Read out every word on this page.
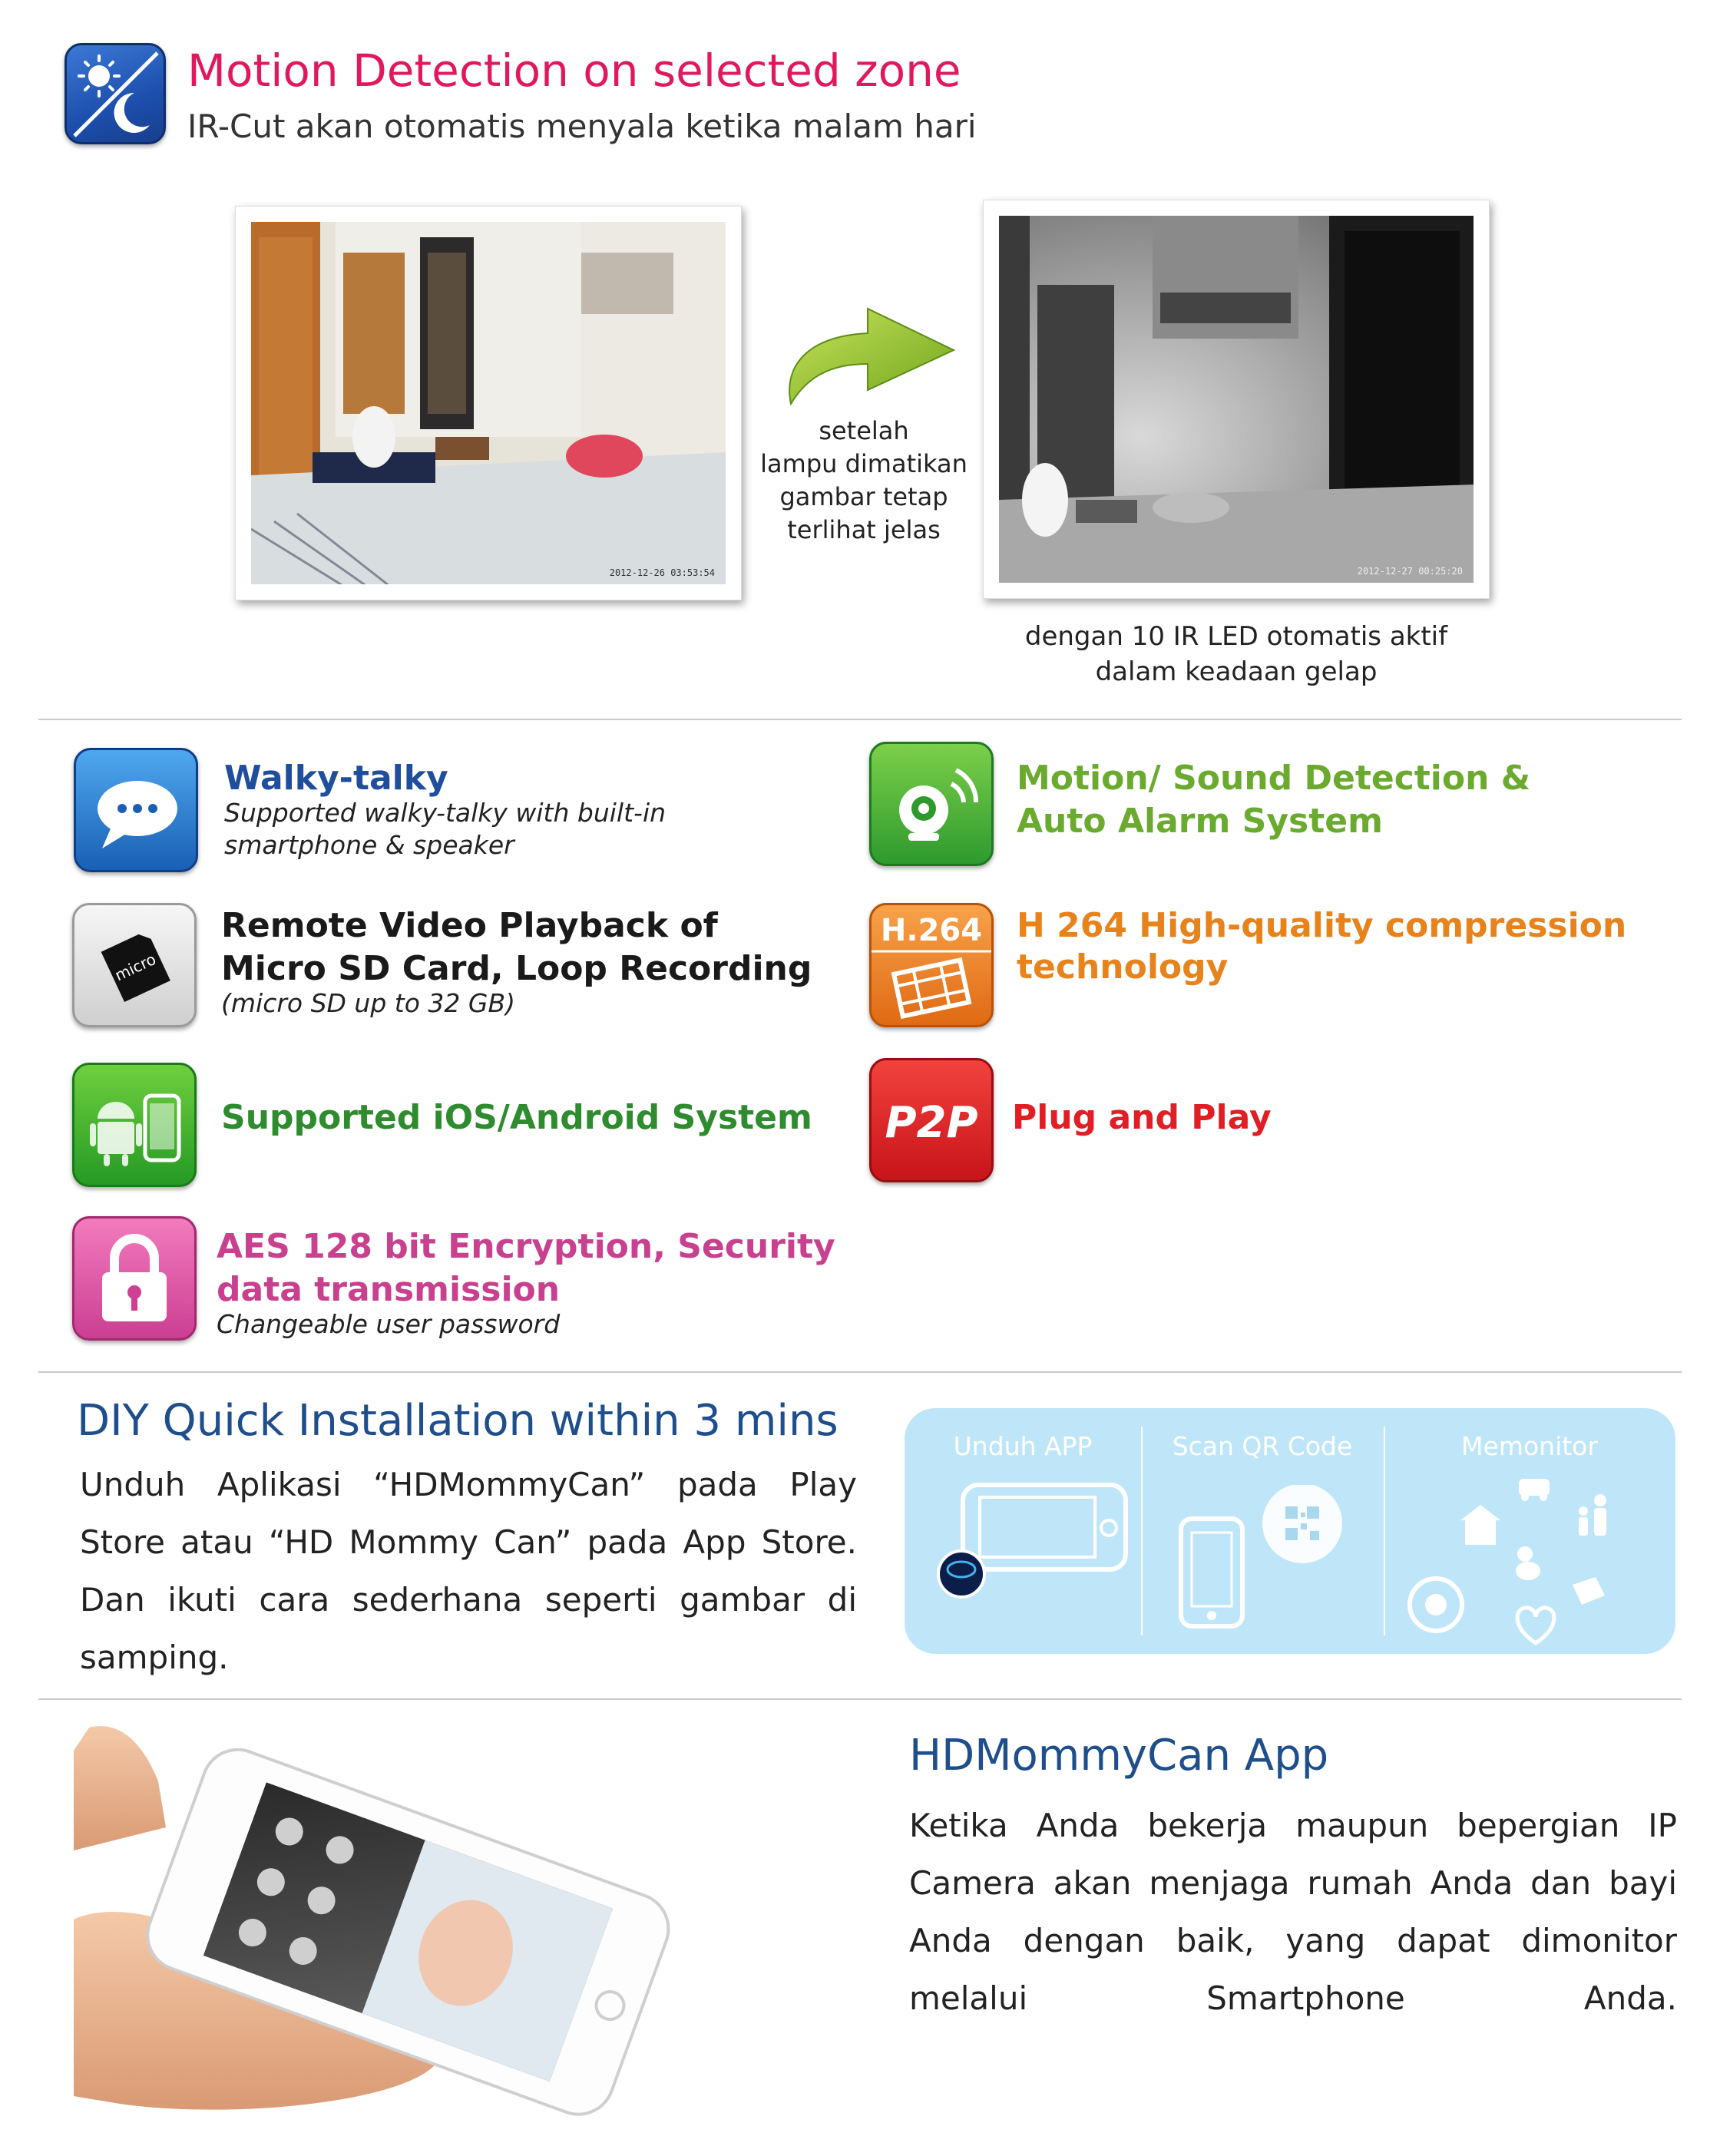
Motion Detection on selected zone
IR-Cut akan otomatis menyala ketika malam hari
2012-12-26 03:53:54
setelah
lampu dimatikan
gambar tetap
terlihat jelas
2012-12-27 00:25:20
dengan 10 IR LED otomatis aktif
dalam keadaan gelap
Walky-talky
Supported walky-talky with built-in
smartphone & speaker
Motion/ Sound Detection &
Auto Alarm System
micro
Remote Video Playback of
Micro SD Card, Loop Recording
(micro SD up to 32 GB)
H.264 H 264 High-quality compression
technology
Supported iOS/Android System P2P Plug and Play
AES 128 bit Encryption, Security
data transmission
Changeable user password
DIY Quick Installation within 3 mins
Unduh Aplikasi “HDMommyCan” pada Play Store atau “HD Mommy Can” pada App Store. Dan ikuti cara sederhana seperti gambar di samping.
Unduh APP	Scan QR Code	Memonitor
HDMommyCan App
Ketika Anda bekerja maupun bepergian IP Camera akan menjaga rumah Anda dan bayi Anda dengan baik, yang dapat dimonitor melalui Smartphone Anda.
